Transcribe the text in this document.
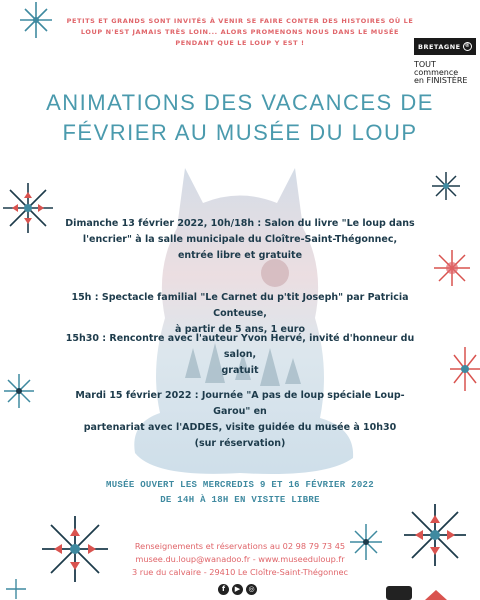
PETITS ET GRANDS SONT INVITÉS À VENIR SE FAIRE CONTER DES HISTOIRES OÙ LE
LOUP N'EST JAMAIS TRÈS LOIN... ALORS PROMENONS NOUS DANS LE MUSÉE
PENDANT QUE LE LOUP Y EST !	BRETAGNE ®
TOUT
commence
en FINISTÈRE
ANIMATIONS DES VACANCES DE
FÉVRIER AU MUSÉE DU LOUP
Dimanche 13 février 2022, 10h/18h : Salon du livre "Le loup dans
l'encrier" à la salle municipale du Cloître-Saint-Thégonnec,
entrée libre et gratuite
15h : Spectacle familial "Le Carnet du p'tit Joseph" par Patricia Conteuse,
à partir de 5 ans, 1 euro
15h30 : Rencontre avec l'auteur Yvon Hervé, invité d'honneur du salon,
gratuit
Mardi 15 février 2022 : Journée "A pas de loup spéciale Loup-Garou" en
partenariat avec l'ADDES, visite guidée du musée à 10h30
(sur réservation)
MUSÉE OUVERT LES MERCREDIS 9 ET 16 FÉVRIER 2022
DE 14H À 18H EN VISITE LIBRE
Renseignements et réservations au 02 98 79 73 45
musee.du.loup@wanadoo.fr - www.museeduloup.fr
3 rue du calvaire - 29410 Le Cloître-Saint-Thégonnec
f	▶	◎
